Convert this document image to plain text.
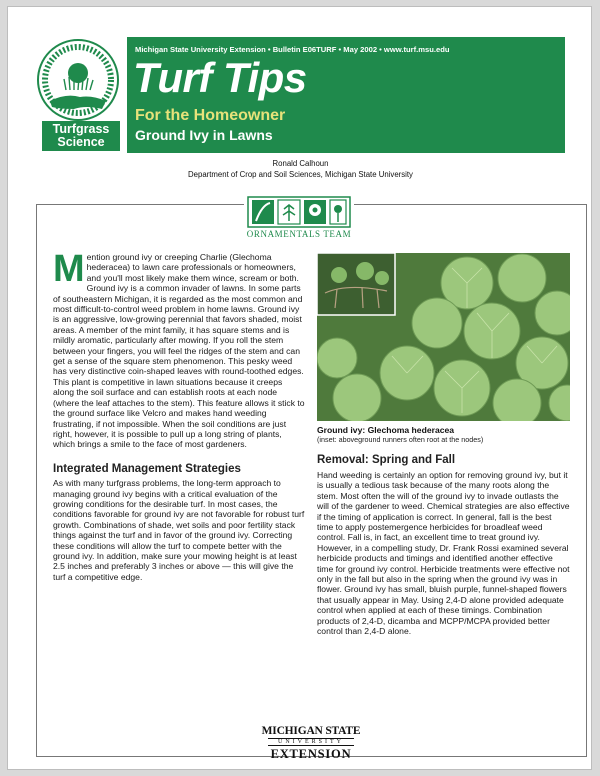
Turfgrass
Science
Michigan State University Extension • Bulletin E06TURF • May 2002 • www.turf.msu.edu
Turf Tips
For the Homeowner
Ground Ivy in Lawns
Ronald Calhoun
Department of Crop and Soil Sciences, Michigan State University
ORNAMENTALS TEAM

Mention ground ivy or creeping Charlie (Glechoma hederacea) to lawn care professionals or homeowners, and you'll most likely make them wince, scream or both. Ground ivy is a common invader of lawns. In some parts of southeastern Michigan, it is regarded as the most common and most difficult-to-control weed problem in home lawns. Ground ivy is an aggressive, low-growing perennial that favors shaded, moist areas. A member of the mint family, it has square stems and is mildly aromatic, particularly after mowing. If you roll the stem between your fingers, you will feel the ridges of the stem and can get a sense of the square stem phenomenon. This pesky weed has very distinctive coin-shaped leaves with round-toothed edges. This plant is competitive in lawn situations because it creeps along the soil surface and can establish roots at each node (where the leaf attaches to the stem). This feature allows it stick to the ground surface like Velcro and makes hand weeding frustrating, if not impossible. When the soil conditions are just right, however, it is possible to pull up a long string of plants, which brings a smile to the face of most gardeners.

Integrated Management Strategies

As with many turfgrass problems, the long-term approach to managing ground ivy begins with a critical evaluation of the growing conditions for the desirable turf. In most cases, the conditions favorable for ground ivy are not favorable for robust turf growth. Combinations of shade, wet soils and poor fertility stack things against the turf and in favor of the ground ivy. Correcting these conditions will allow the turf to compete better with the ground ivy. In addition, make sure your mowing height is at least 2.5 inches and preferably 3 inches or above — this will give the turf a competitive edge.

Ground ivy: Glechoma hederacea
(inset: aboveground runners often root at the nodes)
Removal: Spring and Fall

Hand weeding is certainly an option for removing ground ivy, but it is usually a tedious task because of the many roots along the stem. Most often the will of the ground ivy to invade outlasts the will of the gardener to weed. Chemical strategies are also effective if the timing of application is correct. In general, fall is the best time to apply postemergence herbicides for broadleaf weed control. Fall is, in fact, an excellent time to treat ground ivy. However, in a compelling study, Dr. Frank Rossi examined several herbicide products and timings and identified another effective time for ground ivy control. Herbicide treatments were effective not only in the fall but also in the spring when the ground ivy was in flower. Ground ivy has small, bluish purple, funnel-shaped flowers that usually appear in May. Using 2,4-D alone provided adequate control when applied at each of these timings. Combination products of 2,4-D, dicamba and MCPP/MCPA provided better control than 2,4-D alone.

MICHIGAN STATE
UNIVERSITY
EXTENSION
